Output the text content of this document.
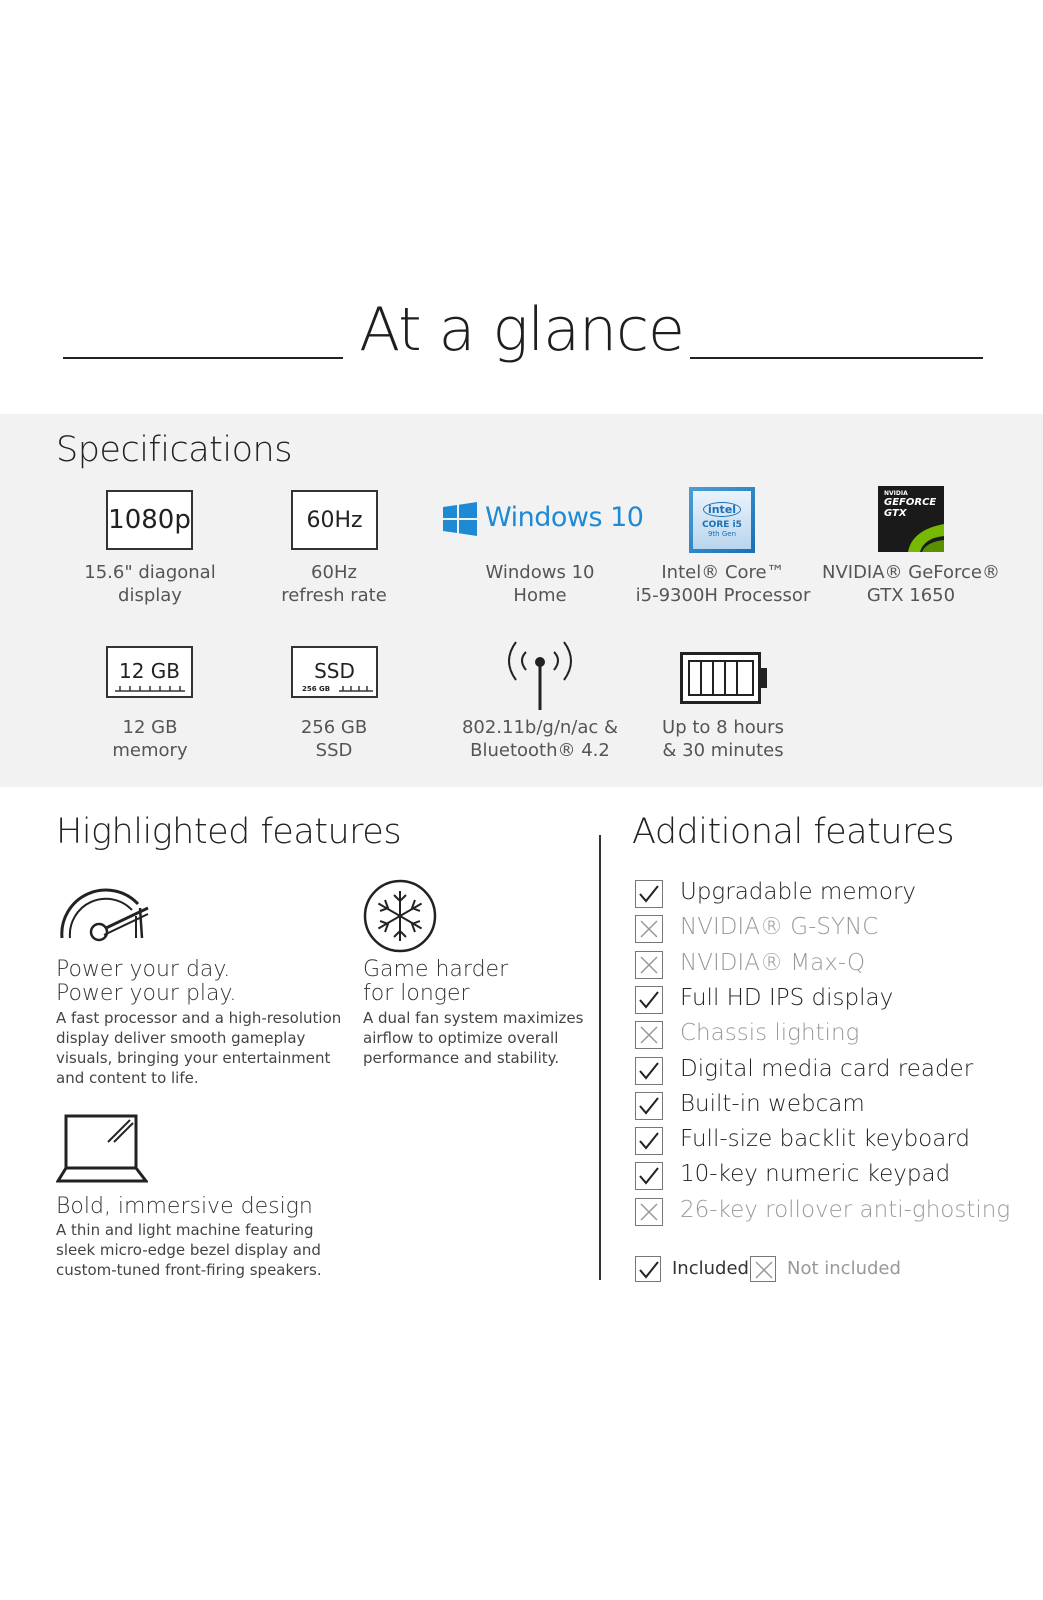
At a glance
Specifications
1080p
15.6" diagonal
display
60Hz
60Hz
refresh rate
Windows 10
Windows 10
Home
intel
CORE i5
9th Gen
Intel® Core™
i5-9300H Processor
NVIDIA
GEFORCE
GTX
NVIDIA® GeForce®
GTX 1650
12 GB
12 GB
memory
SSD
256 GB
256 GB
SSD
802.11b/g/n/ac &
Bluetooth® 4.2
Up to 8 hours
& 30 minutes
Highlighted features
Power your day.
Power your play.
A fast processor and a high-resolution
display deliver smooth gameplay
visuals, bringing your entertainment
and content to life.
Game harder
for longer
A dual fan system maximizes
airflow to optimize overall
performance and stability.
Bold, immersive design
A thin and light machine featuring
sleek micro-edge bezel display and
custom-tuned front-firing speakers.
Additional features
Upgradable memory
NVIDIA® G-SYNC
NVIDIA® Max-Q
Full HD IPS display
Chassis lighting
Digital media card reader
Built-in webcam
Full-size backlit keyboard
10-key numeric keypad
26-key rollover anti-ghosting
Included Not included
